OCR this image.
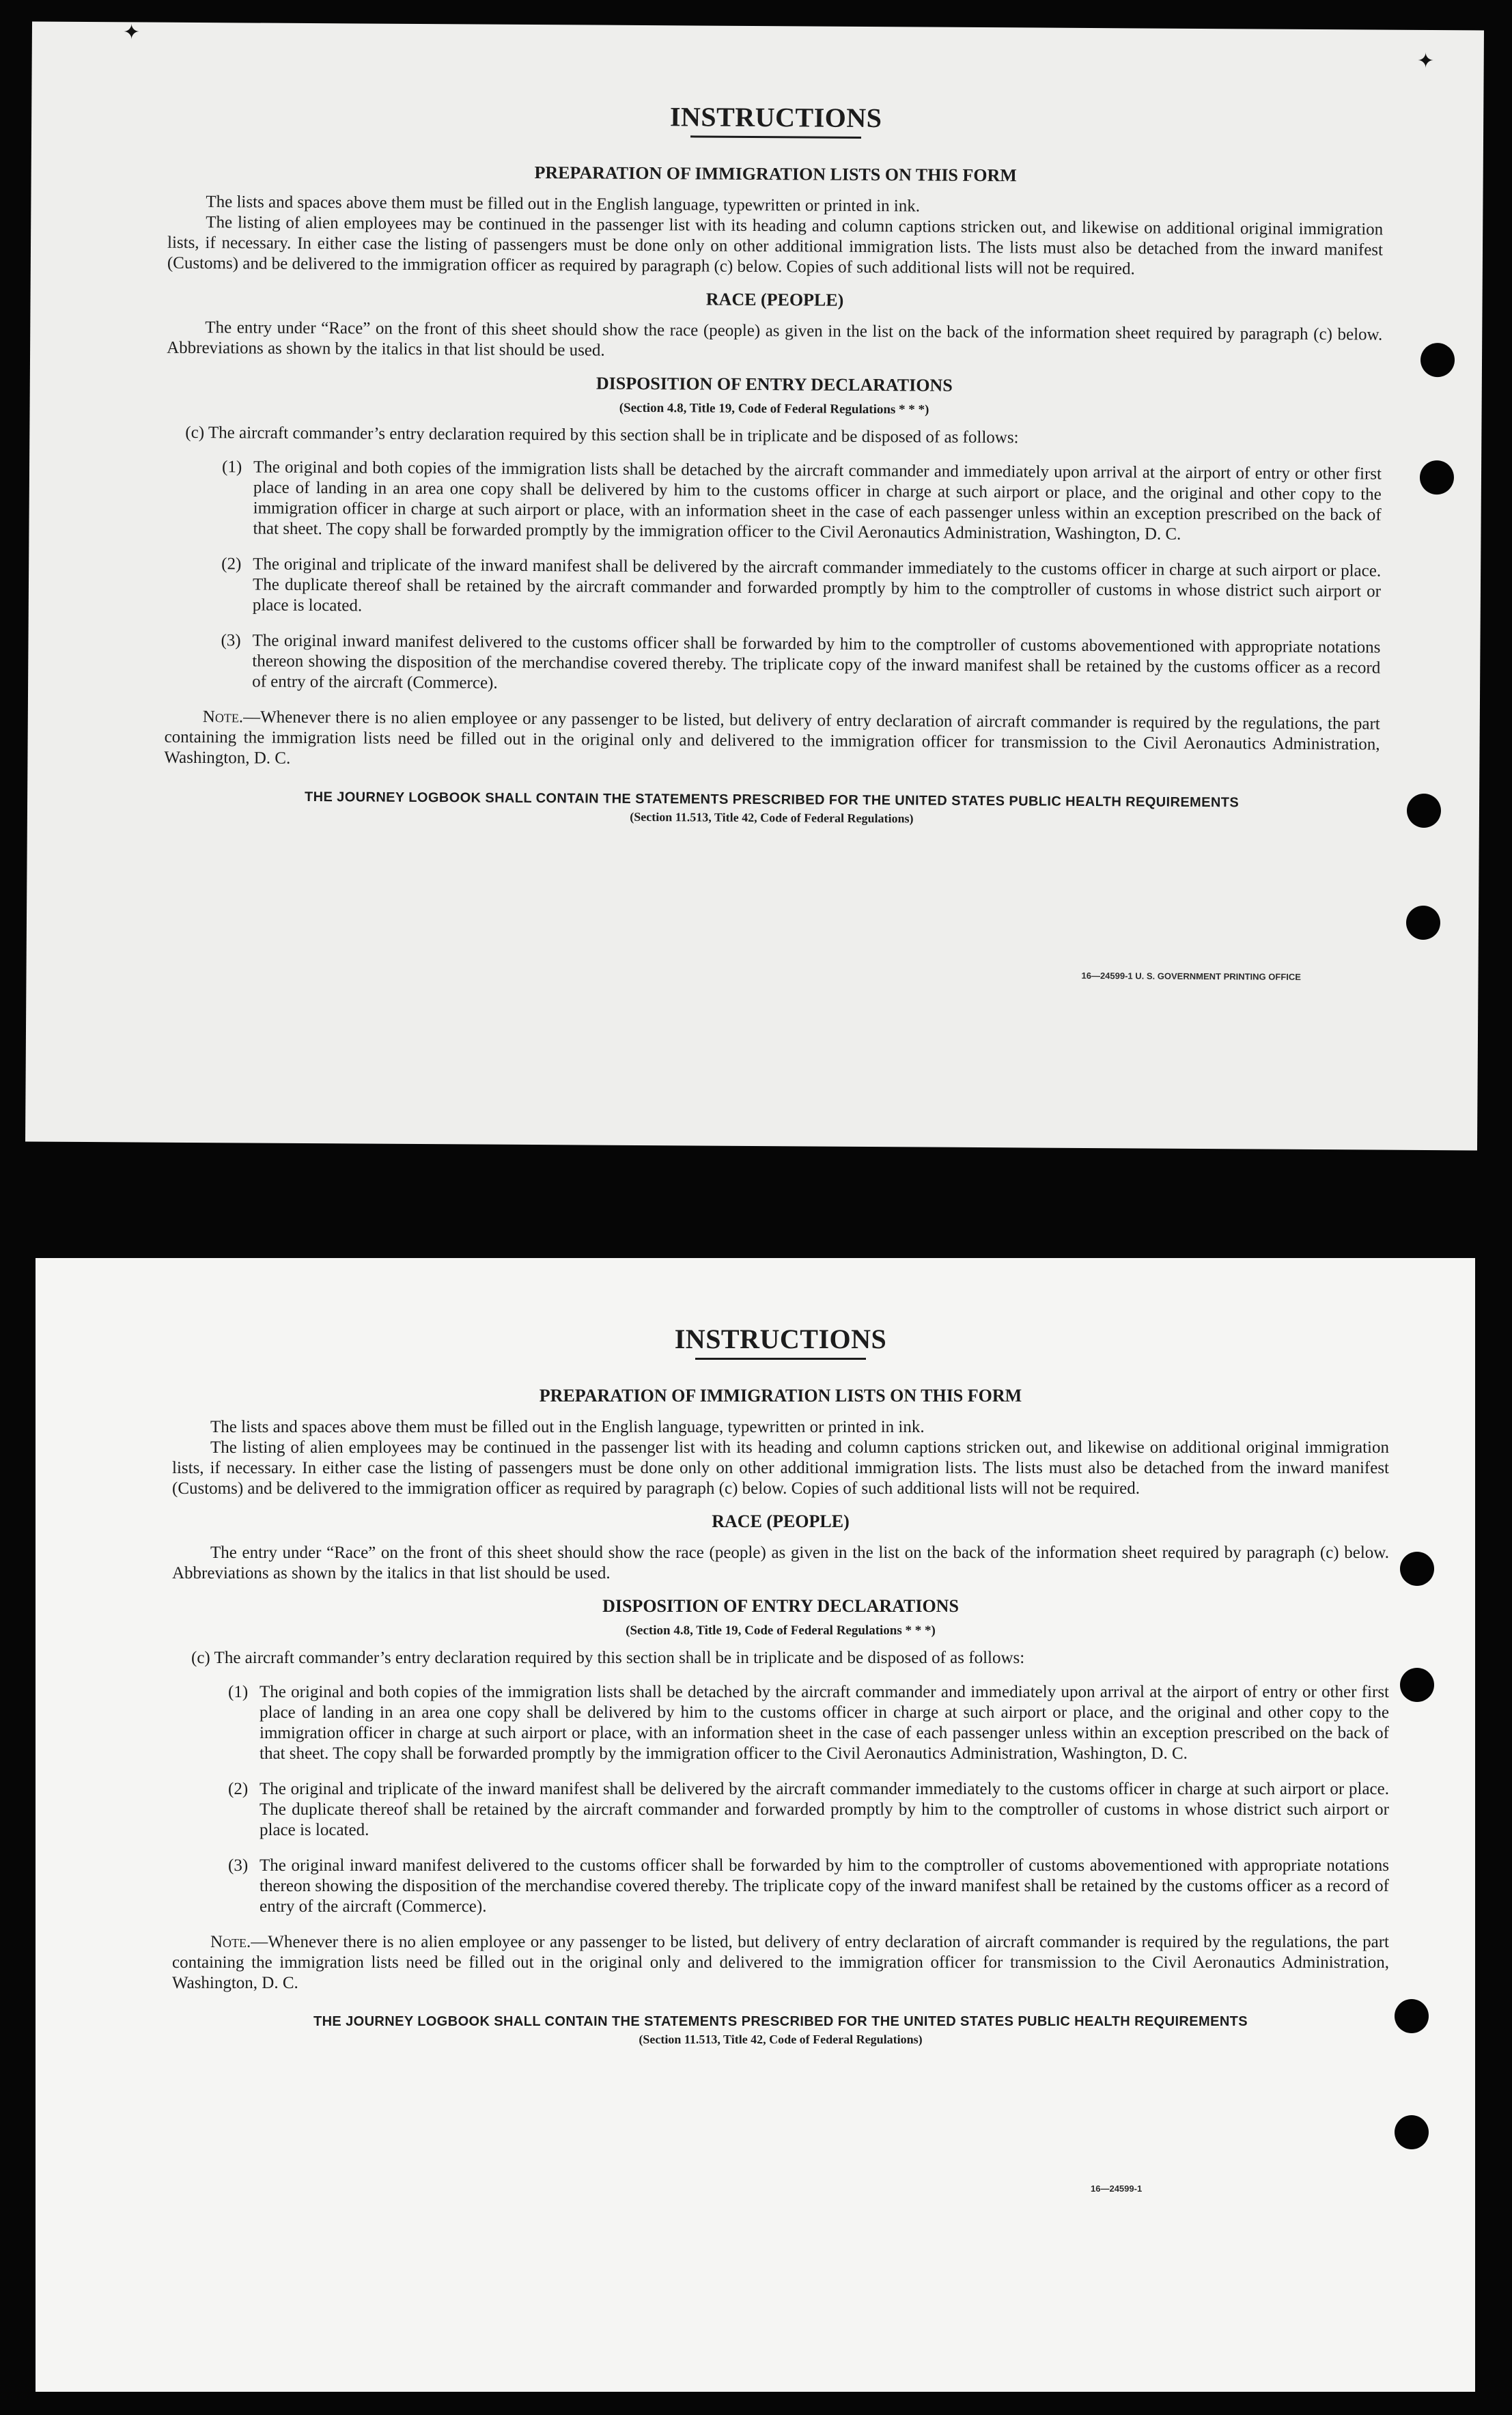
INSTRUCTIONS
PREPARATION OF IMMIGRATION LISTS ON THIS FORM

The lists and spaces above them must be filled out in the English language, typewritten or printed in ink.

The listing of alien employees may be continued in the passenger list with its heading and column captions stricken out, and likewise on additional original immigration lists, if necessary. In either case the listing of passengers must be done only on other additional immigration lists. The lists must also be detached from the inward manifest (Customs) and be delivered to the immigration officer as required by paragraph (c) below. Copies of such additional lists will not be required.

RACE (PEOPLE)

The entry under “Race” on the front of this sheet should show the race (people) as given in the list on the back of the information sheet required by paragraph (c) below. Abbreviations as shown by the italics in that list should be used.

DISPOSITION OF ENTRY DECLARATIONS
(Section 4.8, Title 19, Code of Federal Regulations * * *)

(c) The aircraft commander’s entry declaration required by this section shall be in triplicate and be disposed of as follows:

(1) The original and both copies of the immigration lists shall be detached by the aircraft commander and immediately upon arrival at the airport of entry or other first place of landing in an area one copy shall be delivered by him to the customs officer in charge at such airport or place, and the original and other copy to the immigration officer in charge at such airport or place, with an information sheet in the case of each passenger unless within an exception prescribed on the back of that sheet. The copy shall be forwarded promptly by the immigration officer to the Civil Aeronautics Administration, Washington, D. C.
(2) The original and triplicate of the inward manifest shall be delivered by the aircraft commander immediately to the customs officer in charge at such airport or place. The duplicate thereof shall be retained by the aircraft commander and forwarded promptly by him to the comptroller of customs in whose district such airport or place is located.
(3) The original inward manifest delivered to the customs officer shall be forwarded by him to the comptroller of customs abovementioned with appropriate notations thereon showing the disposition of the merchandise covered thereby. The triplicate copy of the inward manifest shall be retained by the customs officer as a record of entry of the aircraft (Commerce).

Note.—Whenever there is no alien employee or any passenger to be listed, but delivery of entry declaration of aircraft commander is required by the regulations, the part containing the immigration lists need be filled out in the original only and delivered to the immigration officer for transmission to the Civil Aeronautics Administration, Washington, D. C.

THE JOURNEY LOGBOOK SHALL CONTAIN THE STATEMENTS PRESCRIBED FOR THE UNITED STATES PUBLIC HEALTH REQUIREMENTS
(Section 11.513, Title 42, Code of Federal Regulations)
16—24599-1 U. S. GOVERNMENT PRINTING OFFICE
✦
✦
INSTRUCTIONS
PREPARATION OF IMMIGRATION LISTS ON THIS FORM

The lists and spaces above them must be filled out in the English language, typewritten or printed in ink.

The listing of alien employees may be continued in the passenger list with its heading and column captions stricken out, and likewise on additional original immigration lists, if necessary. In either case the listing of passengers must be done only on other additional immigration lists. The lists must also be detached from the inward manifest (Customs) and be delivered to the immigration officer as required by paragraph (c) below. Copies of such additional lists will not be required.

RACE (PEOPLE)

The entry under “Race” on the front of this sheet should show the race (people) as given in the list on the back of the information sheet required by paragraph (c) below. Abbreviations as shown by the italics in that list should be used.

DISPOSITION OF ENTRY DECLARATIONS
(Section 4.8, Title 19, Code of Federal Regulations * * *)

(c) The aircraft commander’s entry declaration required by this section shall be in triplicate and be disposed of as follows:

(1) The original and both copies of the immigration lists shall be detached by the aircraft commander and immediately upon arrival at the airport of entry or other first place of landing in an area one copy shall be delivered by him to the customs officer in charge at such airport or place, and the original and other copy to the immigration officer in charge at such airport or place, with an information sheet in the case of each passenger unless within an exception prescribed on the back of that sheet. The copy shall be forwarded promptly by the immigration officer to the Civil Aeronautics Administration, Washington, D. C.
(2) The original and triplicate of the inward manifest shall be delivered by the aircraft commander immediately to the customs officer in charge at such airport or place. The duplicate thereof shall be retained by the aircraft commander and forwarded promptly by him to the comptroller of customs in whose district such airport or place is located.
(3) The original inward manifest delivered to the customs officer shall be forwarded by him to the comptroller of customs abovementioned with appropriate notations thereon showing the disposition of the merchandise covered thereby. The triplicate copy of the inward manifest shall be retained by the customs officer as a record of entry of the aircraft (Commerce).

Note.—Whenever there is no alien employee or any passenger to be listed, but delivery of entry declaration of aircraft commander is required by the regulations, the part containing the immigration lists need be filled out in the original only and delivered to the immigration officer for transmission to the Civil Aeronautics Administration, Washington, D. C.

THE JOURNEY LOGBOOK SHALL CONTAIN THE STATEMENTS PRESCRIBED FOR THE UNITED STATES PUBLIC HEALTH REQUIREMENTS
(Section 11.513, Title 42, Code of Federal Regulations)
16—24599-1
